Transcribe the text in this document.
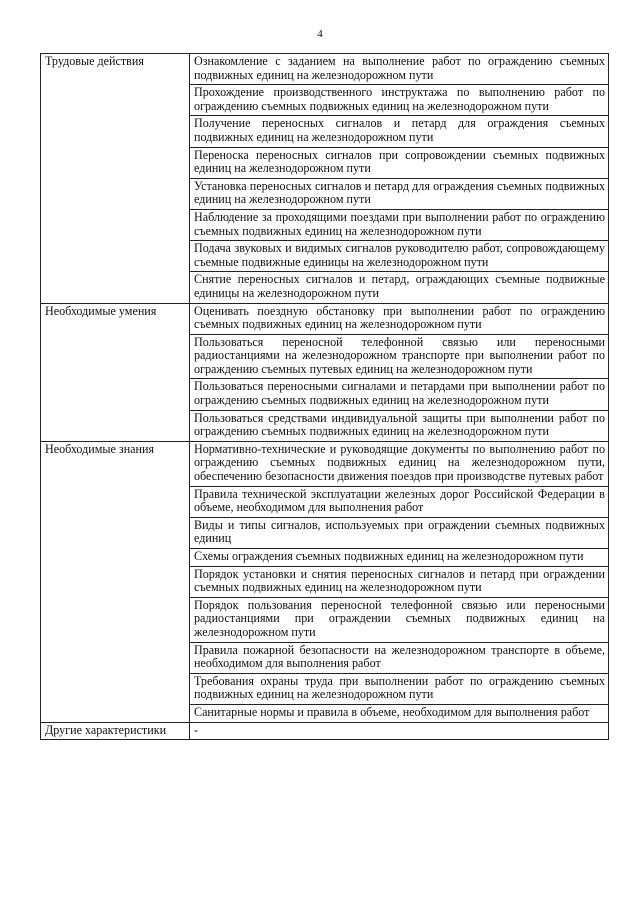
4
Трудовые действия	Ознакомление с заданием на выполнение работ по ограждению съемных подвижных единиц на железнодорожном пути
	Прохождение производственного инструктажа по выполнению работ по ограждению съемных подвижных единиц на железнодорожном пути
	Получение переносных сигналов и петард для ограждения съемных подвижных единиц на железнодорожном пути
	Переноска переносных сигналов при сопровождении съемных подвижных единиц на железнодорожном пути
	Установка переносных сигналов и петард для ограждения съемных подвижных единиц на железнодорожном пути
	Наблюдение за проходящими поездами при выполнении работ по ограждению съемных подвижных единиц на железнодорожном пути
	Подача звуковых и видимых сигналов руководителю работ, сопровождающему съемные подвижные единицы на железнодорожном пути
	Снятие переносных сигналов и петард, ограждающих съемные подвижные единицы на железнодорожном пути
Необходимые умения	Оценивать поездную обстановку при выполнении работ по ограждению съемных подвижных единиц на железнодорожном пути
	Пользоваться переносной телефонной связью или переносными радиостанциями на железнодорожном транспорте при выполнении работ по ограждению съемных путевых единиц на железнодорожном пути
	Пользоваться переносными сигналами и петардами при выполнении работ по ограждению съемных подвижных единиц на железнодорожном пути
	Пользоваться средствами индивидуальной защиты при выполнении работ по ограждению съемных подвижных единиц на железнодорожном пути
Необходимые знания	Нормативно-технические и руководящие документы по выполнению работ по ограждению съемных подвижных единиц на железнодорожном пути, обеспечению безопасности движения поездов при производстве путевых работ
	Правила технической эксплуатации железных дорог Российской Федерации в объеме, необходимом для выполнения работ
	Виды и типы сигналов, используемых при ограждении съемных подвижных единиц
	Схемы ограждения съемных подвижных единиц на железнодорожном пути
	Порядок установки и снятия переносных сигналов и петард при ограждении съемных подвижных единиц на железнодорожном пути
	Порядок пользования переносной телефонной связью или переносными радиостанциями при ограждении съемных подвижных единиц на железнодорожном пути
	Правила пожарной безопасности на железнодорожном транспорте в объеме, необходимом для выполнения работ
	Требования охраны труда при выполнении работ по ограждению съемных подвижных единиц на железнодорожном пути
	Санитарные нормы и правила в объеме, необходимом для выполнения работ
Другие характеристики	-
